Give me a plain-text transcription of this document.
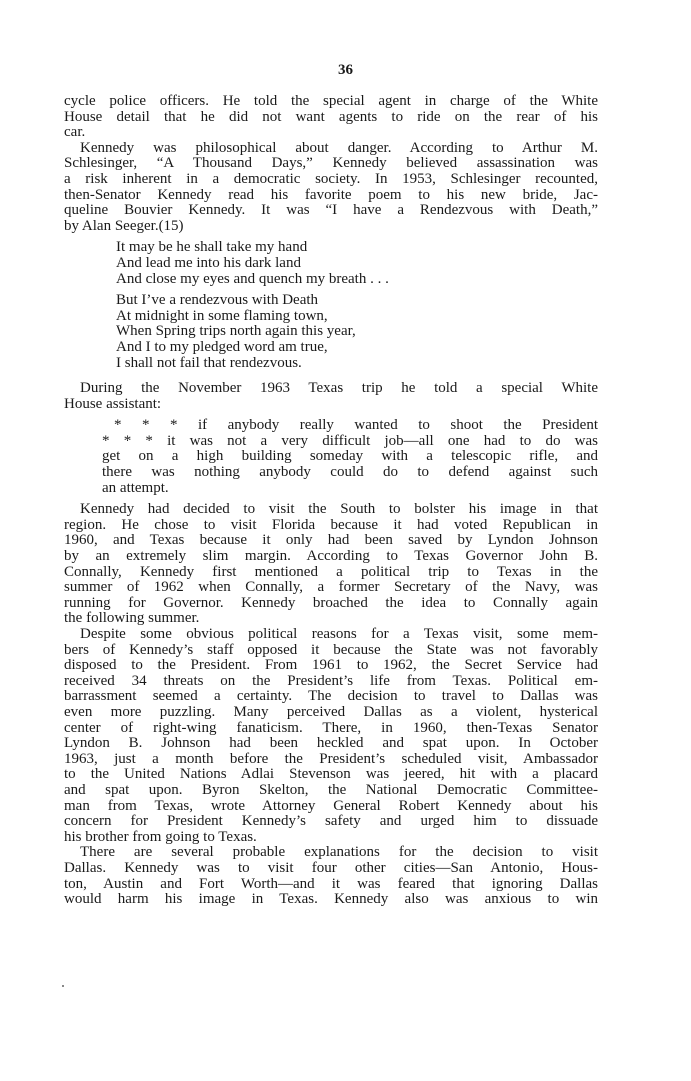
36
cycle police officers. He told the special agent in charge of the White
House detail that he did not want agents to ride on the rear of his
car.
Kennedy was philosophical about danger. According to Arthur M.
Schlesinger, “A Thousand Days,” Kennedy believed assassination was
a risk inherent in a democratic society. In 1953, Schlesinger recounted,
then-Senator Kennedy read his favorite poem to his new bride, Jac-
queline Bouvier Kennedy. It was “I have a Rendezvous with Death,”
by Alan Seeger.(15)
It may be he shall take my hand
And lead me into his dark land
And close my eyes and quench my breath . . .
But I’ve a rendezvous with Death
At midnight in some flaming town,
When Spring trips north again this year,
And I to my pledged word am true,
I shall not fail that rendezvous.
During the November 1963 Texas trip he told a special White
House assistant:
* * * if anybody really wanted to shoot the President
* * * it was not a very difficult job—all one had to do was
get on a high building someday with a telescopic rifle, and
there was nothing anybody could do to defend against such
an attempt.
Kennedy had decided to visit the South to bolster his image in that
region. He chose to visit Florida because it had voted Republican in
1960, and Texas because it only had been saved by Lyndon Johnson
by an extremely slim margin. According to Texas Governor John B.
Connally, Kennedy first mentioned a political trip to Texas in the
summer of 1962 when Connally, a former Secretary of the Navy, was
running for Governor. Kennedy broached the idea to Connally again
the following summer.
Despite some obvious political reasons for a Texas visit, some mem-
bers of Kennedy’s staff opposed it because the State was not favorably
disposed to the President. From 1961 to 1962, the Secret Service had
received 34 threats on the President’s life from Texas. Political em-
barrassment seemed a certainty. The decision to travel to Dallas was
even more puzzling. Many perceived Dallas as a violent, hysterical
center of right-wing fanaticism. There, in 1960, then-Texas Senator
Lyndon B. Johnson had been heckled and spat upon. In October
1963, just a month before the President’s scheduled visit, Ambassador
to the United Nations Adlai Stevenson was jeered, hit with a placard
and spat upon. Byron Skelton, the National Democratic Committee-
man from Texas, wrote Attorney General Robert Kennedy about his
concern for President Kennedy’s safety and urged him to dissuade
his brother from going to Texas.
There are several probable explanations for the decision to visit
Dallas. Kennedy was to visit four other cities—San Antonio, Hous-
ton, Austin and Fort Worth—and it was feared that ignoring Dallas
would harm his image in Texas. Kennedy also was anxious to win
